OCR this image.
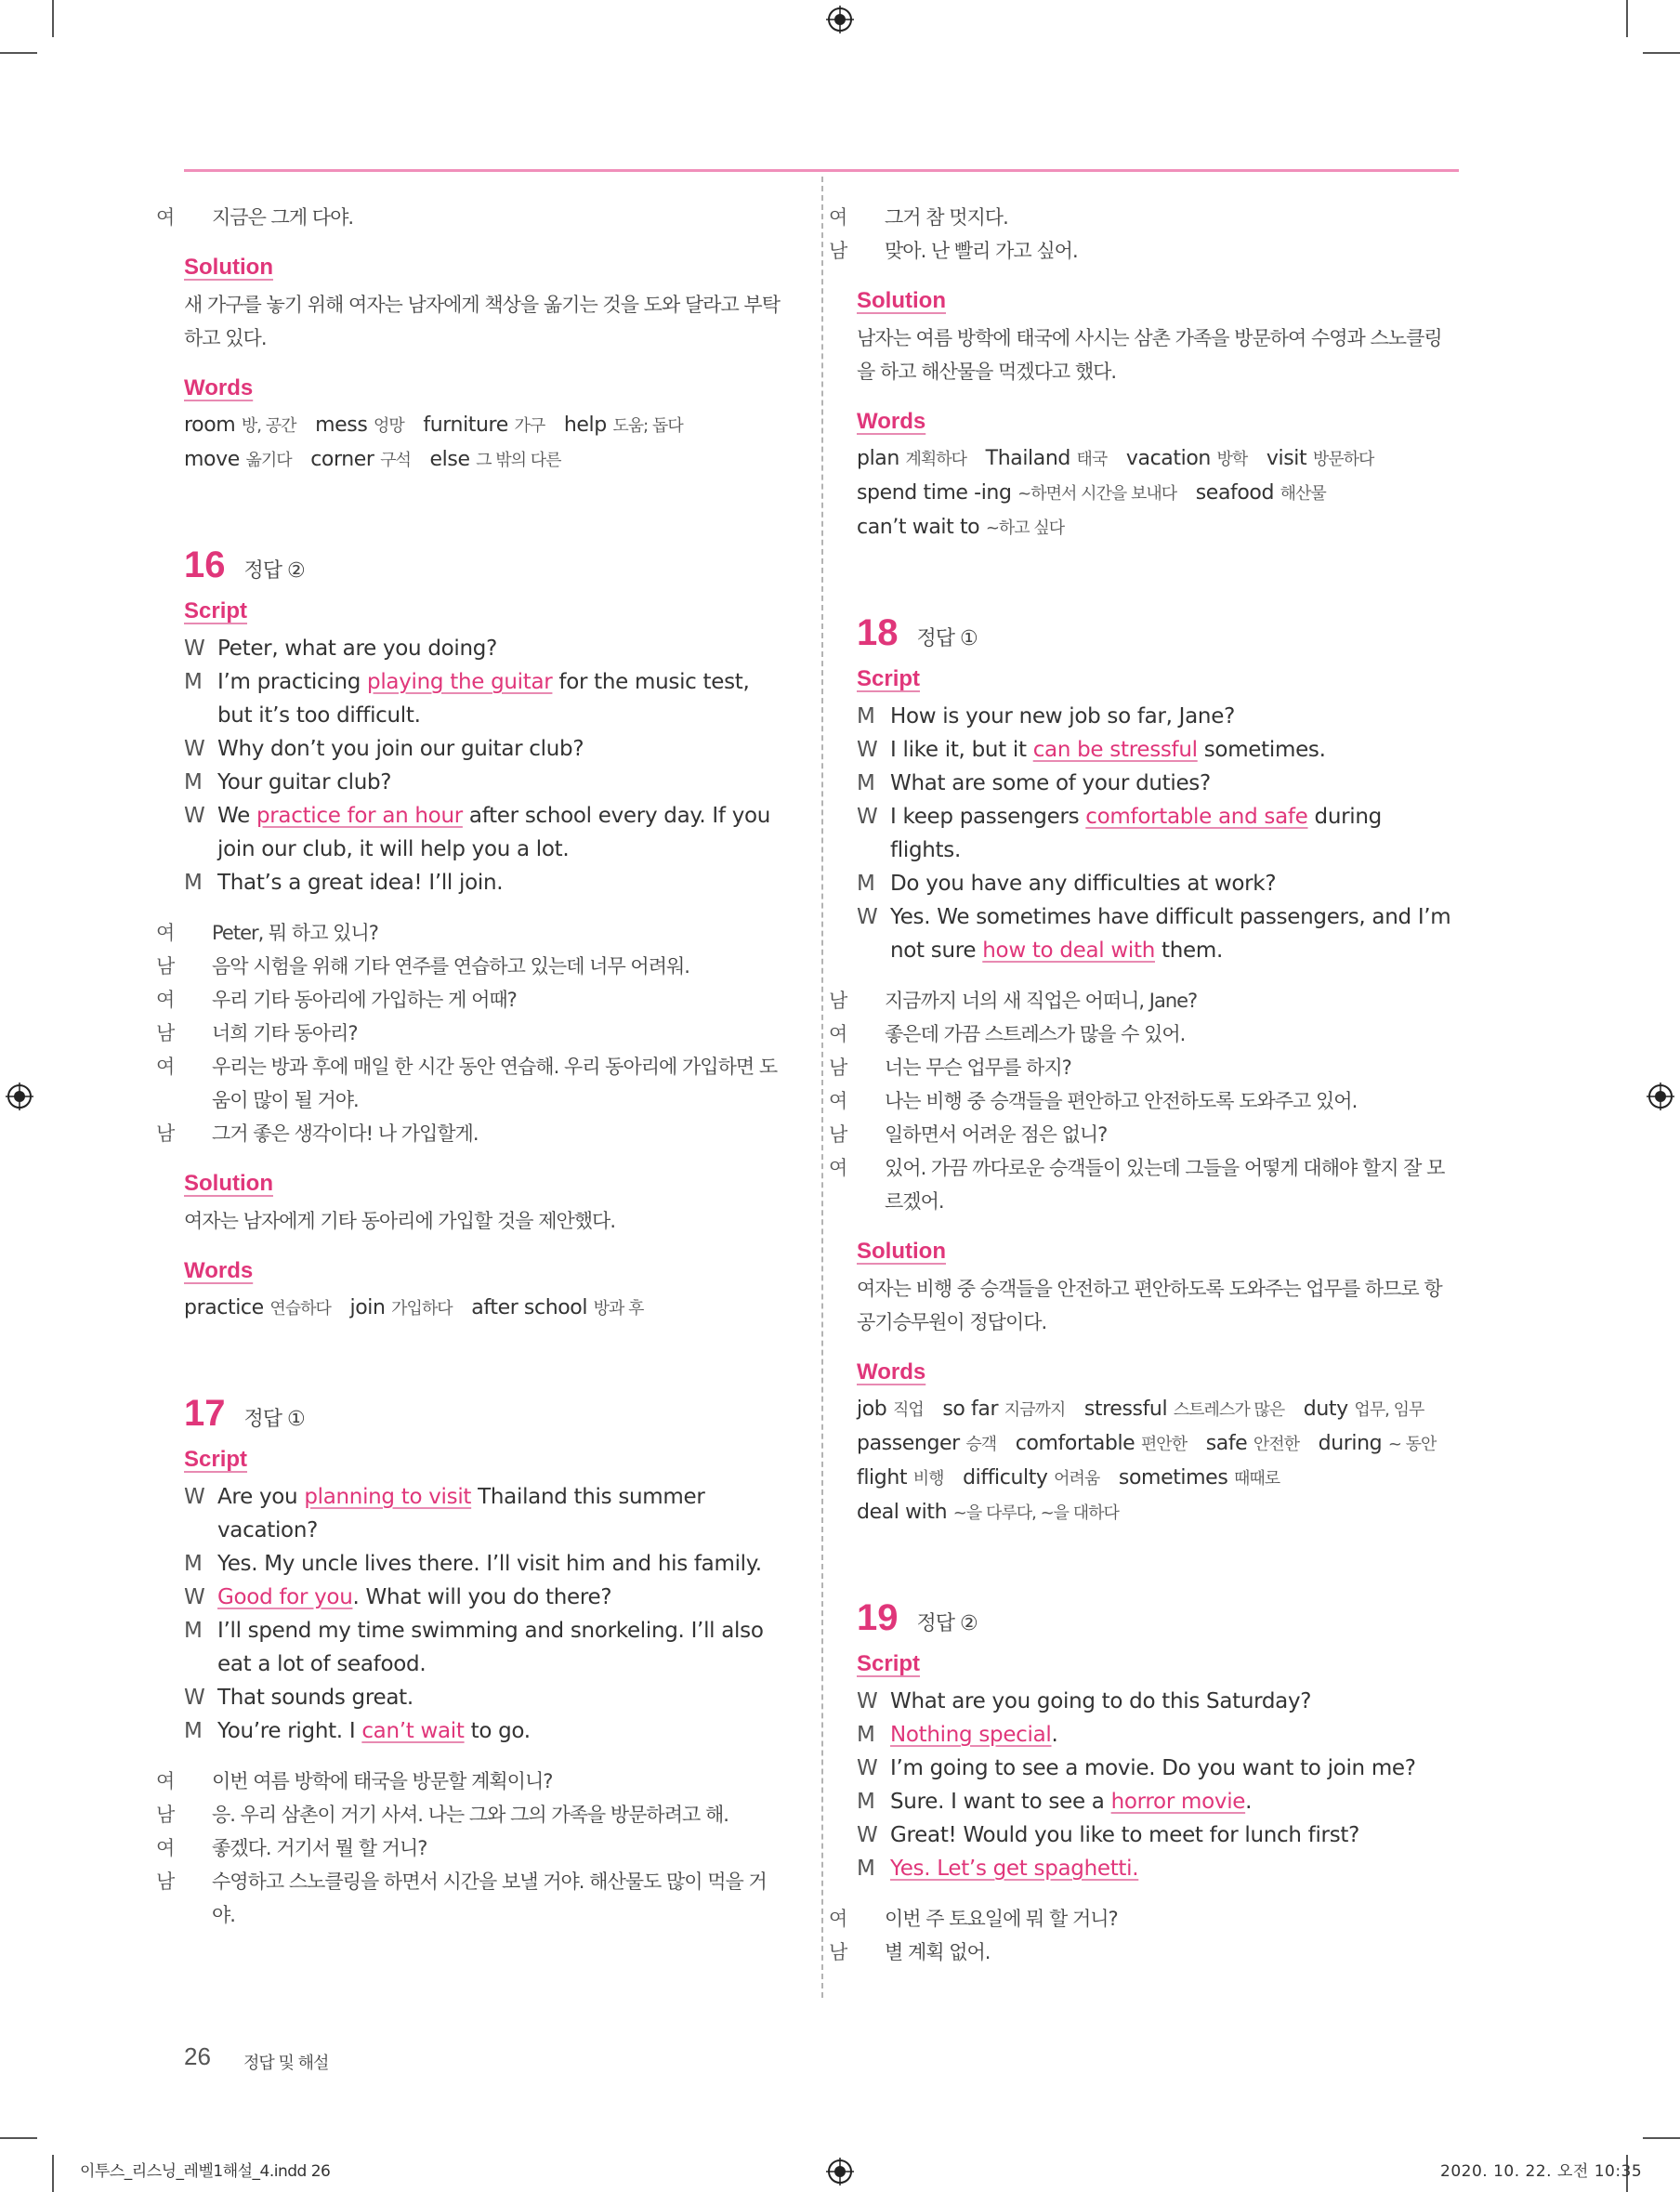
여 지금은 그게 다야.
Solution
새 가구를 놓기 위해 여자는 남자에게 책상을 옮기는 것을 도와 달라고 부탁하고 있다.
Words
room 방, 공간 mess 엉망 furniture 가구 help 도움; 돕다 move 옮기다 corner 구석 else 그 밖의 다른
16 정답 ②
Script
W Peter, what are you doing?
M I’m practicing playing the guitar for the music test, but it’s too difficult.
W Why don’t you join our guitar club?
M Your guitar club?
W We practice for an hour after school every day. If you join our club, it will help you a lot.
M That’s a great idea! I’ll join.
여 Peter, 뭐 하고 있니?
남 음악 시험을 위해 기타 연주를 연습하고 있는데 너무 어려워.
여 우리 기타 동아리에 가입하는 게 어때?
남 너희 기타 동아리?
여 우리는 방과 후에 매일 한 시간 동안 연습해. 우리 동아리에 가입하면 도움이 많이 될 거야.
남 그거 좋은 생각이다! 나 가입할게.
Solution
여자는 남자에게 기타 동아리에 가입할 것을 제안했다.
Words
practice 연습하다 join 가입하다 after school 방과 후
17 정답 ①
Script
W Are you planning to visit Thailand this summer vacation?
M Yes. My uncle lives there. I’ll visit him and his family.
W Good for you. What will you do there?
M I’ll spend my time swimming and snorkeling. I’ll also eat a lot of seafood.
W That sounds great.
M You’re right. I can’t wait to go.
여 이번 여름 방학에 태국을 방문할 계획이니?
남 응. 우리 삼촌이 거기 사셔. 나는 그와 그의 가족을 방문하려고 해.
여 좋겠다. 거기서 뭘 할 거니?
남 수영하고 스노클링을 하면서 시간을 보낼 거야. 해산물도 많이 먹을 거야.
여 그거 참 멋지다.
남 맞아. 난 빨리 가고 싶어.
Solution
남자는 여름 방학에 태국에 사시는 삼촌 가족을 방문하여 수영과 스노클링을 하고 해산물을 먹겠다고 했다.
Words
plan 계획하다 Thailand 태국 vacation 방학 visit 방문하다 spend time -ing ~하면서 시간을 보내다 seafood 해산물 can’t wait to ~하고 싶다
18 정답 ①
Script
M How is your new job so far, Jane?
W I like it, but it can be stressful sometimes.
M What are some of your duties?
W I keep passengers comfortable and safe during flights.
M Do you have any difficulties at work?
W Yes. We sometimes have difficult passengers, and I’m not sure how to deal with them.
남 지금까지 너의 새 직업은 어떠니, Jane?
여 좋은데 가끔 스트레스가 많을 수 있어.
남 너는 무슨 업무를 하지?
여 나는 비행 중 승객들을 편안하고 안전하도록 도와주고 있어.
남 일하면서 어려운 점은 없니?
여 있어. 가끔 까다로운 승객들이 있는데 그들을 어떻게 대해야 할지 잘 모르겠어.
Solution
여자는 비행 중 승객들을 안전하고 편안하도록 도와주는 업무를 하므로 항공기승무원이 정답이다.
Words
job 직업 so far 지금까지 stressful 스트레스가 많은 duty 업무, 임무 passenger 승객 comfortable 편안한 safe 안전한 during ~ 동안 flight 비행 difficulty 어려움 sometimes 때때로 deal with ~을 다루다, ~을 대하다
19 정답 ②
Script
W What are you going to do this Saturday?
M Nothing special.
W I’m going to see a movie. Do you want to join me?
M Sure. I want to see a horror movie.
W Great! Would you like to meet for lunch first?
M Yes. Let’s get spaghetti.
여 이번 주 토요일에 뭐 할 거니?
남 별 계획 없어.
26 정답 및 해설
이투스_리스닝_레벨1해설_4.indd 26	2020. 10. 22. 오전 10:35
